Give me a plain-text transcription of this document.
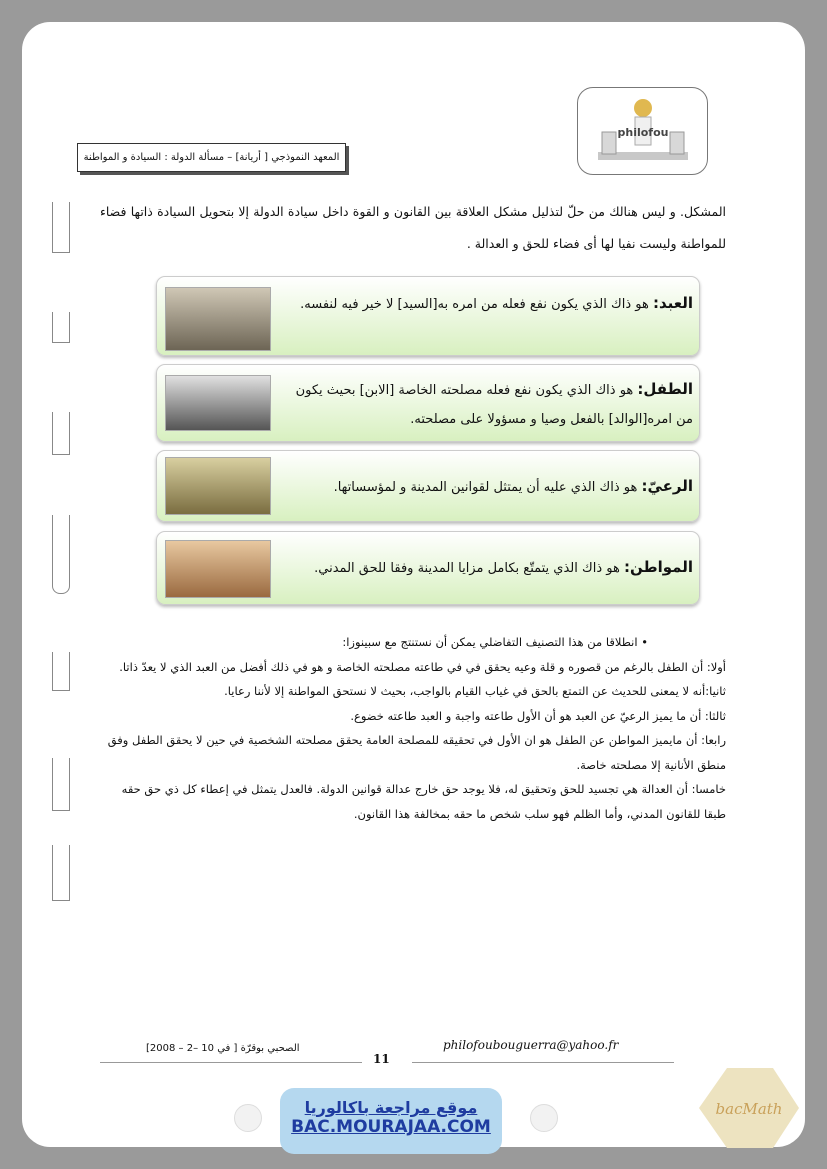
philofou
المعهد النموذجي [ أريانة] – مسألة الدولة : السيادة و المواطنة
المشكل. و ليس هنالك من حلّ لتذليل مشكل العلاقة بين القانون و القوة داخل سيادة الدولة إلا بتحويل السيادة ذاتها فضاء للمواطنة وليست نفيا لها أى فضاء للحق و العدالة .
العبد: هو ذاك الذي يكون نفع فعله من امره به[السيد] لا خير فيه لنفسه.
الطفل: هو ذاك الذي يكون نفع فعله مصلحته الخاصة [الابن] بحيث يكون من امره[الوالد] بالفعل وصيا و مسؤولا على مصلحته.
الرعيّ: هو ذاك الذي عليه أن يمتثل لقوانين المدينة و لمؤسساتها.
المواطن: هو ذاك الذي يتمتّع بكامل مزايا المدينة وفقا للحق المدني.

• انطلاقا من هذا التصنيف التفاضلي يمكن أن نستنتج مع سبينوزا:

أولا: أن الطفل بالرغم من قصوره و قلة وعيه يحقق في في طاعته مصلحته الخاصة و هو في ذلك أفضل من العبد الذي لا يعدّ ذاتا.

ثانيا:أنه لا يمعنى للحديث عن التمتع بالحق في غياب القيام بالواجب، بحيث لا نستحق المواطنة إلا لأننا رعايا.

ثالثا: أن ما يميز الرعيّ عن العبد هو أن الأول طاعته واجبة و العبد طاعته خضوع.

رابعا: أن مايميز المواطن عن الطفل هو ان الأول في تحقيقه للمصلحة العامة يحقق مصلحته الشخصية في حين لا يحقق الطفل وفق منطق الأنانية إلا مصلحته خاصة.

خامسا: أن العدالة هي تجسيد للحق وتحقيق له، فلا يوجد حق خارج عدالة قوانين الدولة. فالعدل يتمثل في إعطاء كل ذي حق حقه طبقا للقانون المدني، وأما الظلم فهو سلب شخص ما حقه بمخالفة هذا القانون.

philofoubouguerra@yahoo.fr
11
الصحبي بوقرّة [ في 10 –2 – 2008]
موقع مراجعة باكالوريا
BAC.MOURAJAA.COM
bacMath
